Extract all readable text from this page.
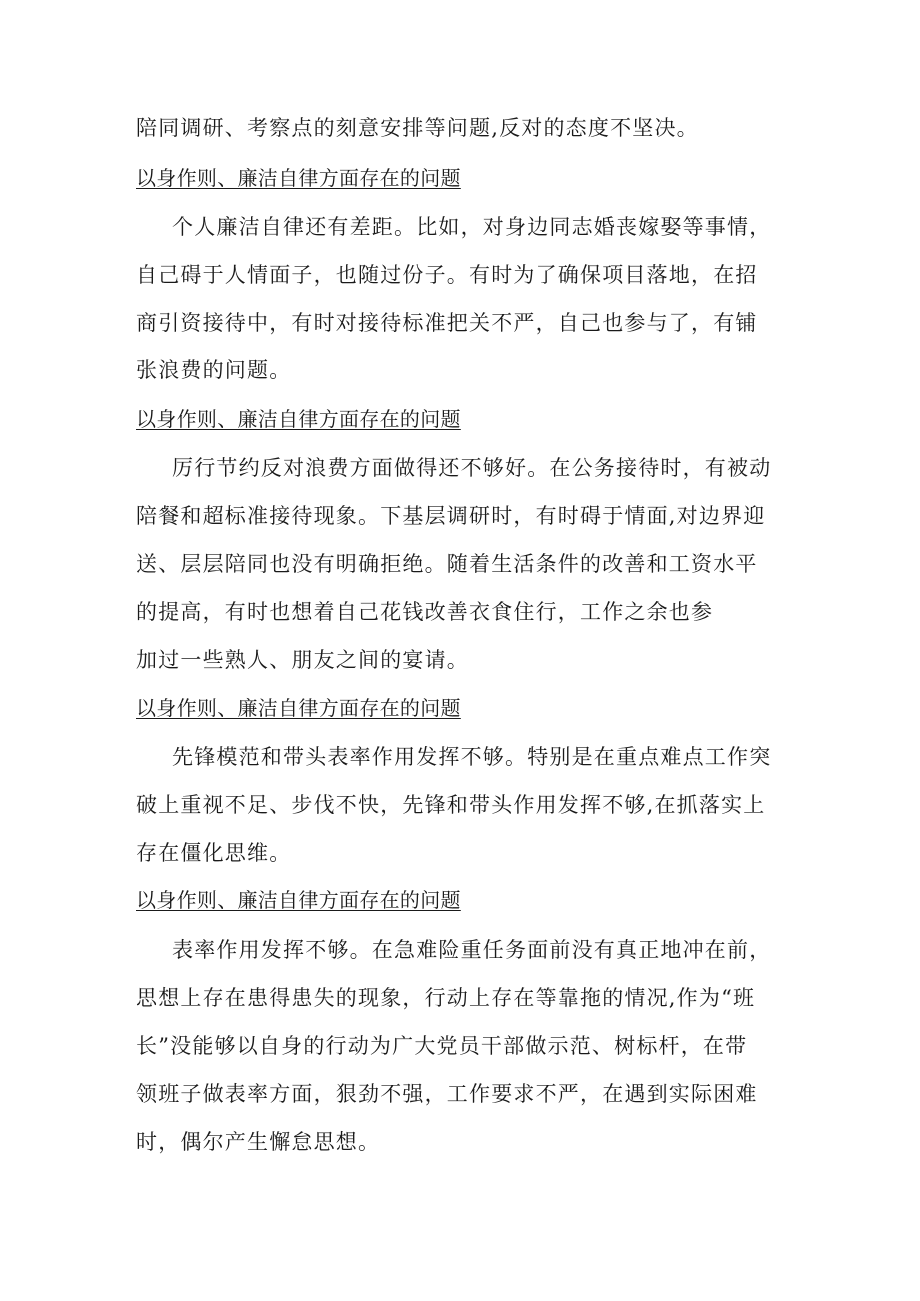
陪同调研、考察点的刻意安排等问题,反对的态度不坚决。
以身作则、廉洁自律方面存在的问题
个人廉洁自律还有差距。比如，对身边同志婚丧嫁娶等事情，
自己碍于人情面子，也随过份子。有时为了确保项目落地，在招
商引资接待中，有时对接待标准把关不严，自己也参与了，有铺
张浪费的问题。
以身作则、廉洁自律方面存在的问题
厉行节约反对浪费方面做得还不够好。在公务接待时，有被动
陪餐和超标准接待现象。下基层调研时，有时碍于情面,对边界迎
送、层层陪同也没有明确拒绝。随着生活条件的改善和工资水平
的提高，有时也想着自己花钱改善衣食住行，工作之余也参
加过一些熟人、朋友之间的宴请。
以身作则、廉洁自律方面存在的问题
先锋模范和带头表率作用发挥不够。特别是在重点难点工作突
破上重视不足、步伐不快，先锋和带头作用发挥不够,在抓落实上
存在僵化思维。
以身作则、廉洁自律方面存在的问题
表率作用发挥不够。在急难险重任务面前没有真正地冲在前，
思想上存在患得患失的现象，行动上存在等靠拖的情况,作为“班
长”没能够以自身的行动为广大党员干部做示范、树标杆，在带
领班子做表率方面，狠劲不强，工作要求不严，在遇到实际困难
时，偶尔产生懈怠思想。
